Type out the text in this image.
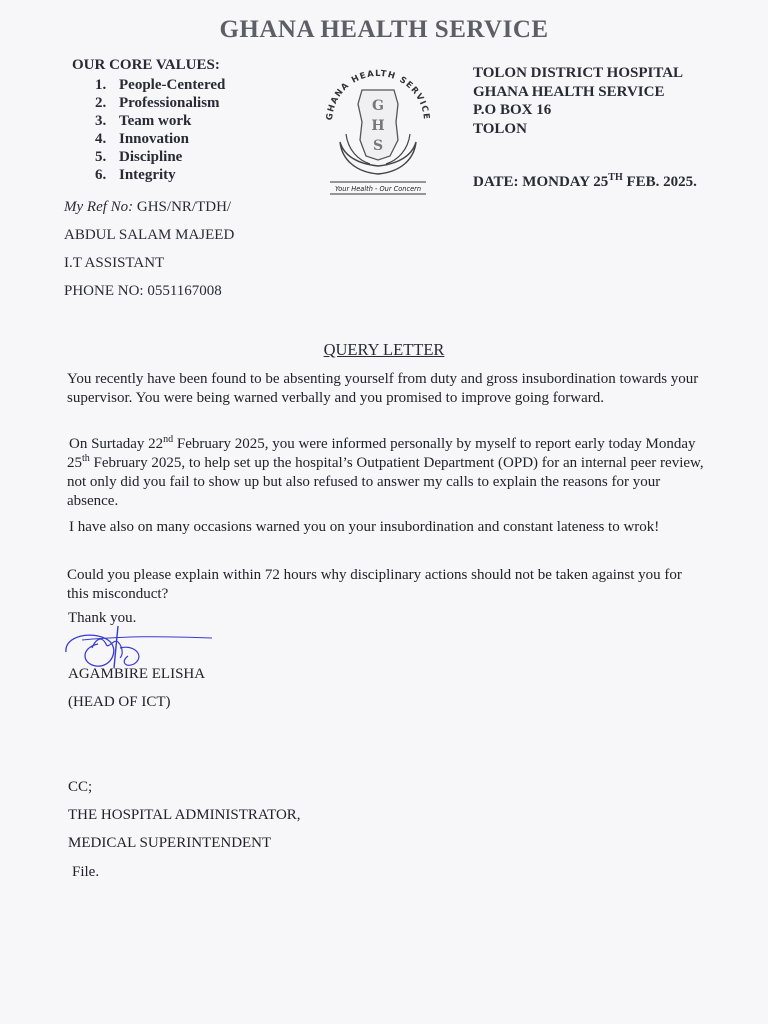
GHANA HEALTH SERVICE
OUR CORE VALUES:
1. People-Centered
2. Professionalism
3. Team work
4. Innovation
5. Discipline
6. Integrity
GHANA HEALTH SERVICE
G
H
S
Your Health - Our Concern
TOLON DISTRICT HOSPITAL
GHANA HEALTH SERVICE
P.O BOX 16
TOLON
DATE: MONDAY 25TH FEB. 2025.
My Ref No: GHS/NR/TDH/
ABDUL SALAM MAJEED
I.T ASSISTANT
PHONE NO: 0551167008
QUERY LETTER
You recently have been found to be absenting yourself from duty and gross insubordination towards your supervisor. You were being warned verbally and you promised to improve going forward.
On Surtaday 22nd February 2025, you were informed personally by myself to report early today Monday 25th February 2025, to help set up the hospital’s Outpatient Department (OPD) for an internal peer review, not only did you fail to show up but also refused to answer my calls to explain the reasons for your absence.
I have also on many occasions warned you on your insubordination and constant lateness to wrok!
Could you please explain within 72 hours why disciplinary actions should not be taken against you for this misconduct?
Thank you.
AGAMBIRE ELISHA
(HEAD OF ICT)
CC;
THE HOSPITAL ADMINISTRATOR,
MEDICAL SUPERINTENDENT
File.
